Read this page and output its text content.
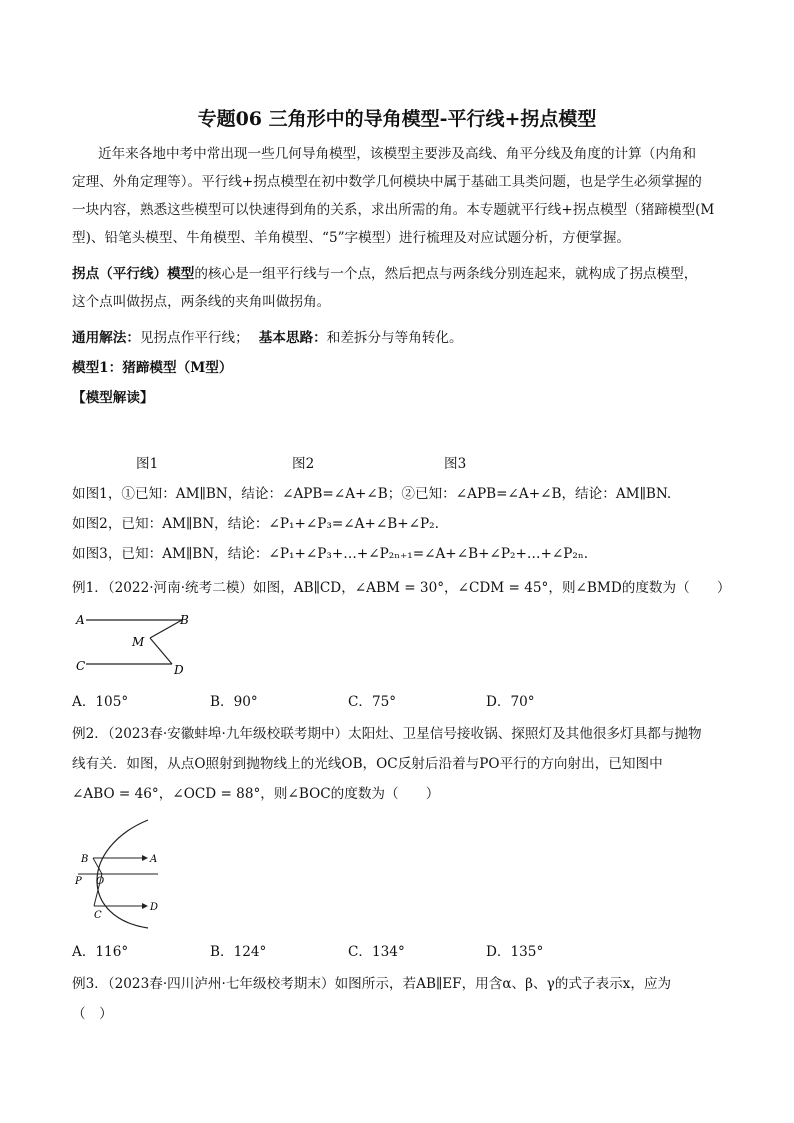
专题06 三角形中的导角模型-平行线+拐点模型
近年来各地中考中常出现一些几何导角模型，该模型主要涉及高线、角平分线及角度的计算（内角和
定理、外角定理等）。平行线+拐点模型在初中数学几何模块中属于基础工具类问题，也是学生必须掌握的
一块内容，熟悉这些模型可以快速得到角的关系，求出所需的角。本专题就平行线+拐点模型（猪蹄模型(M
型)、铅笔头模型、牛角模型、羊角模型、“5”字模型）进行梳理及对应试题分析，方便掌握。
拐点（平行线）模型的核心是一组平行线与一个点，然后把点与两条线分别连起来，就构成了拐点模型，
这个点叫做拐点，两条线的夹角叫做拐角。
通用解法：见拐点作平行线； 基本思路：和差拆分与等角转化。
模型1：猪蹄模型（M型）
【模型解读】
图1	图2	图3
如图1，①已知：AM∥BN，结论：∠APB=∠A+∠B；②已知：∠APB=∠A+∠B，结论：AM∥BN.
如图2，已知：AM∥BN，结论：∠P₁+∠P₃=∠A+∠B+∠P₂.
如图3，已知：AM∥BN，结论：∠P₁+∠P₃+…+∠P₂ₙ₊₁=∠A+∠B+∠P₂+…+∠P₂ₙ.
例1．（2022·河南·统考二模）如图，AB∥CD，∠ABM = 30°，∠CDM = 45°，则∠BMD的度数为（　　）
A	B
M
C	D
A．105°	B．90°	C．75°	D．70°
例2．（2023春·安徽蚌埠·九年级校联考期中）太阳灶、卫星信号接收锅、探照灯及其他很多灯具都与抛物
线有关．如图，从点O照射到抛物线上的光线OB，OC反射后沿着与PO平行的方向射出，已知图中
∠ABO = 46°，∠OCD = 88°，则∠BOC的度数为（　　）
B	A
P O
C
D
A．116°	B．124°	C．134°	D．135°
例3．（2023春·四川泸州·七年级校考期末）如图所示，若AB∥EF，用含α、β、γ的式子表示x，应为
（　）
